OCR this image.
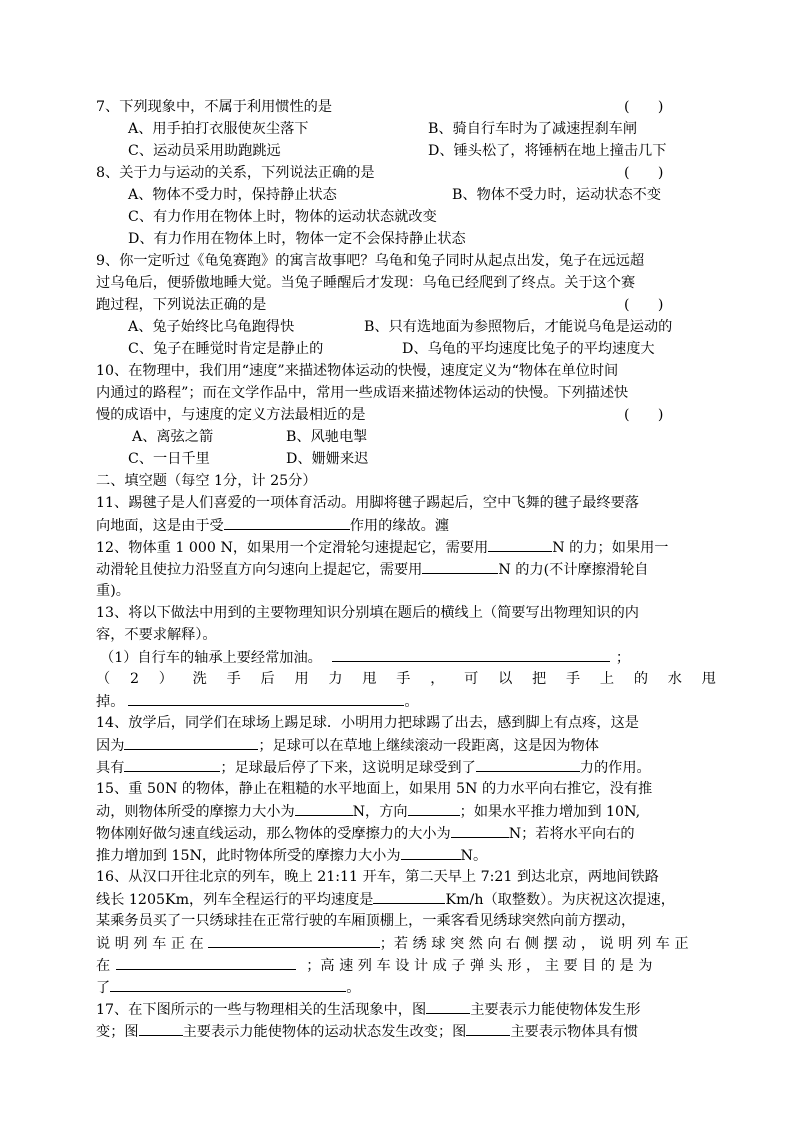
7、下列现象中，不属于利用惯性的是	(　　)
A、用手拍打衣服使灰尘落下	B、骑自行车时为了减速捏刹车闸
C、运动员采用助跑跳远	D、锤头松了，将锤柄在地上撞击几下
8、关于力与运动的关系，下列说法正确的是	(　　)
A、物体不受力时，保持静止状态	B、物体不受力时，运动状态不变
C、有力作用在物体上时，物体的运动状态就改变
D、有力作用在物体上时，物体一定不会保持静止状态
9、你一定听过《龟兔赛跑》的寓言故事吧？乌龟和兔子同时从起点出发，兔子在远远超
过乌龟后，便骄傲地睡大觉。当兔子睡醒后才发现：乌龟已经爬到了终点。关于这个赛
跑过程，下列说法正确的是	(　　)
A、兔子始终比乌龟跑得快	B、只有选地面为参照物后，才能说乌龟是运动的
C、兔子在睡觉时肯定是静止的	D、乌龟的平均速度比兔子的平均速度大
10、在物理中，我们用“速度”来描述物体运动的快慢，速度定义为“物体在单位时间
内通过的路程”；而在文学作品中，常用一些成语来描述物体运动的快慢。下列描述快
慢的成语中，与速度的定义方法最相近的是	(　　)
A、离弦之箭	B、风驰电掣
C、一日千里	D、姗姗来迟
二、填空题（每空 1分，计 25分）
11、踢毽子是人们喜爱的一项体育活动。用脚将毽子踢起后，空中飞舞的毽子最终要落
向地面，这是由于受	作用的缘故。瀍
12、物体重 1 000 N，如果用一个定滑轮匀速提起它，需要用	N 的力；如果用一
动滑轮且使拉力沿竖直方向匀速向上提起它，需要用	N 的力(不计摩擦滑轮自
重)。
13、将以下做法中用到的主要物理知识分别填在题后的横线上（简要写出物理知识的内
容，不要求解释）。
（1）自行车的轴承上要经常加油。	；
（ 2 ） 洗 手 后 用 力 甩 手 ， 可 以 把 手 上 的 水 甩
掉。	。
14、放学后，同学们在球场上踢足球．小明用力把球踢了出去，感到脚上有点疼，这是
因为	；足球可以在草地上继续滚动一段距离，这是因为物体
具有	；足球最后停了下来，这说明足球受到了	力的作用。
15、重 50N 的物体，静止在粗糙的水平地面上，如果用 5N 的力水平向右推它，没有推
动，则物体所受的摩擦力大小为	N，方向	；如果水平推力增加到 10N,
物体刚好做匀速直线运动，那么物体的受摩擦力的大小为	N；若将水平向右的
推力增加到 15N，此时物体所受的摩擦力大小为	N。
16、从汉口开往北京的列车，晚上 21:11 开车，第二天早上 7:21 到达北京，两地间铁路
线长 1205Km，列车全程运行的平均速度是	Km/h（取整数）。为庆祝这次提速，
某乘务员买了一只绣球挂在正常行驶的车厢顶棚上，一乘客看见绣球突然向前方摆动，
说 明 列 车 正 在	；若 绣 球 突 然 向 右 侧 摆 动 ， 说 明 列 车 正
在	；高 速 列 车 设 计 成 子 弹 头 形 ， 主 要 目 的 是 为
了	。
17、在下图所示的一些与物理相关的生活现象中，图	主要表示力能使物体发生形
变；图	主要表示力能使物体的运动状态发生改变；图	主要表示物体具有惯
